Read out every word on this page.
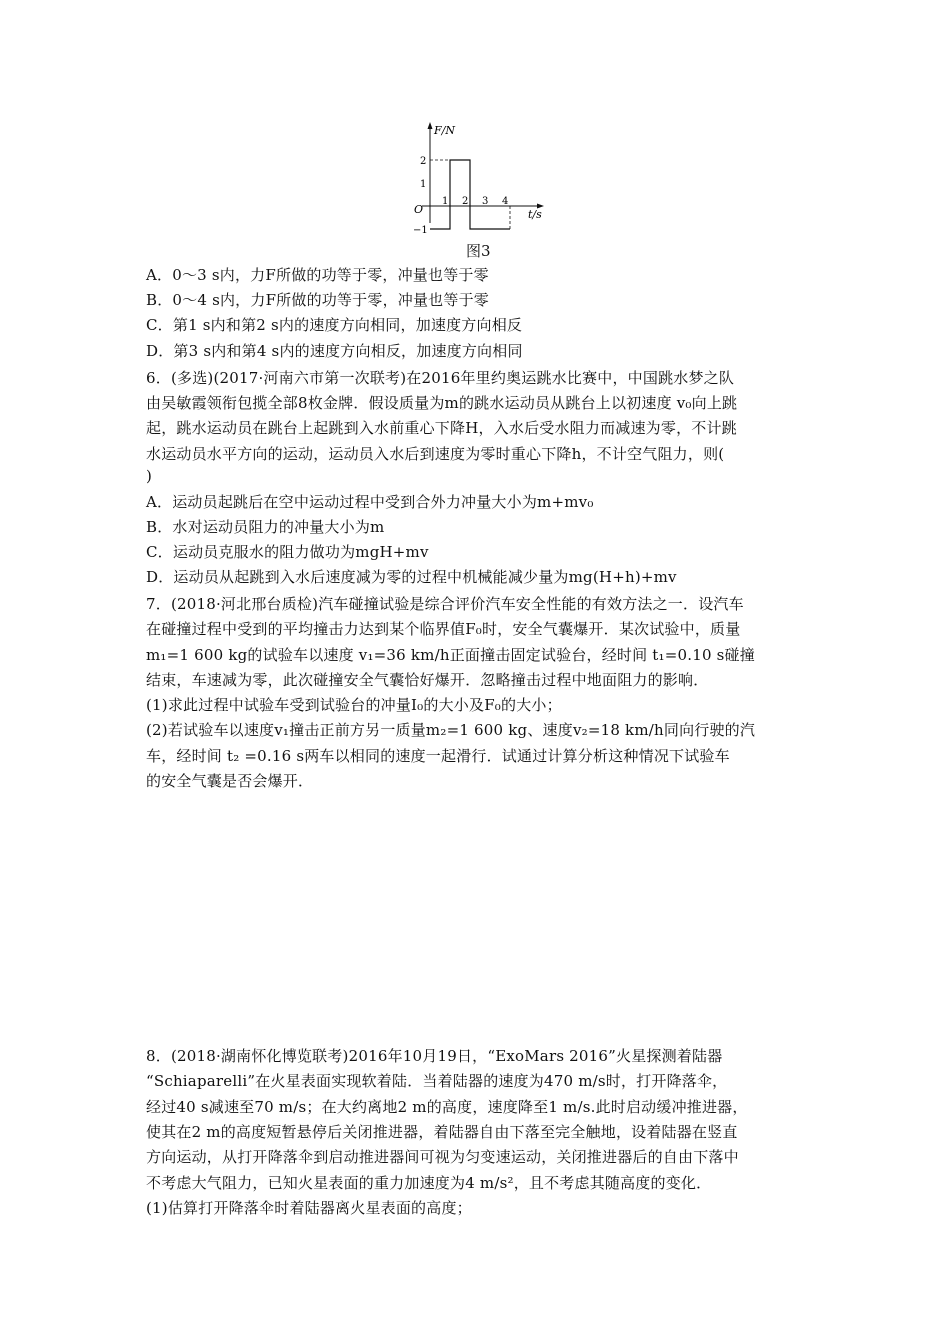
F/N
t/s
O
1 2 3 4
2
1
−1
图3
A．0～3 s内，力F所做的功等于零，冲量也等于零
B．0～4 s内，力F所做的功等于零，冲量也等于零
C．第1 s内和第2 s内的速度方向相同，加速度方向相反
D．第3 s内和第4 s内的速度方向相反，加速度方向相同
6．(多选)(2017·河南六市第一次联考)在2016年里约奥运跳水比赛中，中国跳水梦之队
由吴敏霞领衔包揽全部8枚金牌．假设质量为m的跳水运动员从跳台上以初速度 v₀向上跳
起，跳水运动员在跳台上起跳到入水前重心下降H，入水后受水阻力而减速为零，不计跳
水运动员水平方向的运动，运动员入水后到速度为零时重心下降h，不计空气阻力，则(
)
A．运动员起跳后在空中运动过程中受到合外力冲量大小为m+mv₀
B．水对运动员阻力的冲量大小为m
C．运动员克服水的阻力做功为mgH+mv
D．运动员从起跳到入水后速度减为零的过程中机械能减少量为mg(H+h)+mv
7．(2018·河北邢台质检)汽车碰撞试验是综合评价汽车安全性能的有效方法之一．设汽车
在碰撞过程中受到的平均撞击力达到某个临界值F₀时，安全气囊爆开．某次试验中，质量
m₁=1 600 kg的试验车以速度 v₁=36 km/h正面撞击固定试验台，经时间 t₁=0.10 s碰撞
结束，车速减为零，此次碰撞安全气囊恰好爆开．忽略撞击过程中地面阻力的影响．
(1)求此过程中试验车受到试验台的冲量I₀的大小及F₀的大小；
(2)若试验车以速度v₁撞击正前方另一质量m₂=1 600 kg、速度v₂=18 km/h同向行驶的汽
车，经时间 t₂ =0.16 s两车以相同的速度一起滑行．试通过计算分析这种情况下试验车
的安全气囊是否会爆开．
8．(2018·湖南怀化博览联考)2016年10月19日，“ExoMars 2016”火星探测着陆器
“Schiaparelli”在火星表面实现软着陆．当着陆器的速度为470 m/s时，打开降落伞，
经过40 s减速至70 m/s；在大约离地2 m的高度，速度降至1 m/s.此时启动缓冲推进器，
使其在2 m的高度短暂悬停后关闭推进器，着陆器自由下落至完全触地，设着陆器在竖直
方向运动，从打开降落伞到启动推进器间可视为匀变速运动，关闭推进器后的自由下落中
不考虑大气阻力，已知火星表面的重力加速度为4 m/s²，且不考虑其随高度的变化．
(1)估算打开降落伞时着陆器离火星表面的高度；
